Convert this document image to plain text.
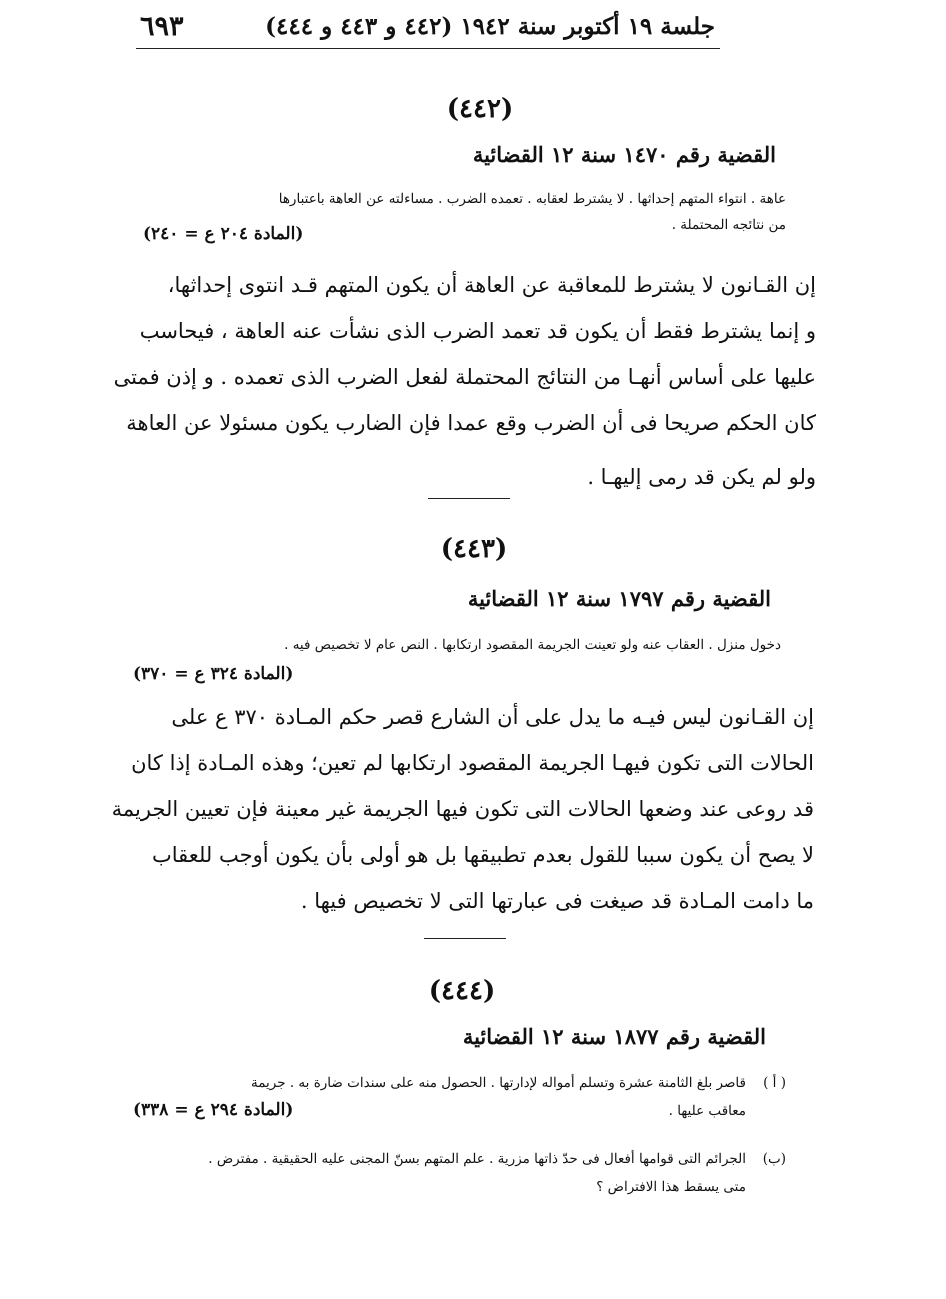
٦٩٣	جلسة ١٩ أكتوبر سنة ١٩٤٢ (٤٤٢ و ٤٤٣ و ٤٤٤)
(٤٤٢)
القضية رقم ١٤٧٠ سنة ١٢ القضائية
عاهة . انتواء المتهم إحداثها . لا يشترط لعقابه . تعمده الضرب . مساءلته عن العاهة باعتبارها
من نتائجه المحتملة .
(المادة ٢٠٤ ع = ٢٤٠)
إن القـانون لا يشترط للمعاقبة عن العاهة أن يكون المتهم قـد انتوى إحداثها،
و إنما يشترط فقط أن يكون قد تعمد الضرب الذى نشأت عنه العاهة ، فيحاسب
عليها على أساس أنهـا من النتائج المحتملة لفعل الضرب الذى تعمده . و إذن فمتى
كان الحكم صريحا فى أن الضرب وقع عمدا فإن الضارب يكون مسئولا عن العاهة
ولو لم يكن قد رمى إليهـا .
(٤٤٣)
القضية رقم ١٧٩٧ سنة ١٢ القضائية
دخول منزل . العقاب عنه ولو تعينت الجريمة المقصود ارتكابها . النص عام لا تخصيص فيه .
(المادة ٣٢٤ ع = ٣٧٠)
إن القـانون ليس فيـه ما يدل على أن الشارع قصر حكم المـادة ٣٧٠ ع على
الحالات التى تكون فيهـا الجريمة المقصود ارتكابها لم تعين؛ وهذه المـادة إذا كان
قد روعى عند وضعها الحالات التى تكون فيها الجريمة غير معينة فإن تعيين الجريمة
لا يصح أن يكون سببا للقول بعدم تطبيقها بل هو أولى بأن يكون أوجب للعقاب
ما دامت المـادة قد صيغت فى عبارتها التى لا تخصيص فيها .
(٤٤٤)
القضية رقم ١٨٧٧ سنة ١٢ القضائية
( أ )
قاصر بلغ الثامنة عشرة وتسلم أمواله لإدارتها . الحصول منه على سندات ضارة به . جريمة
معاقب عليها .
(المادة ٢٩٤ ع = ٣٣٨)
(ب)
الجرائم التى قوامها أفعال فى حدّ ذاتها مزرية . علم المتهم بسنّ المجنى عليه الحقيقية . مفترض .
متى يسقط هذا الافتراض ؟
